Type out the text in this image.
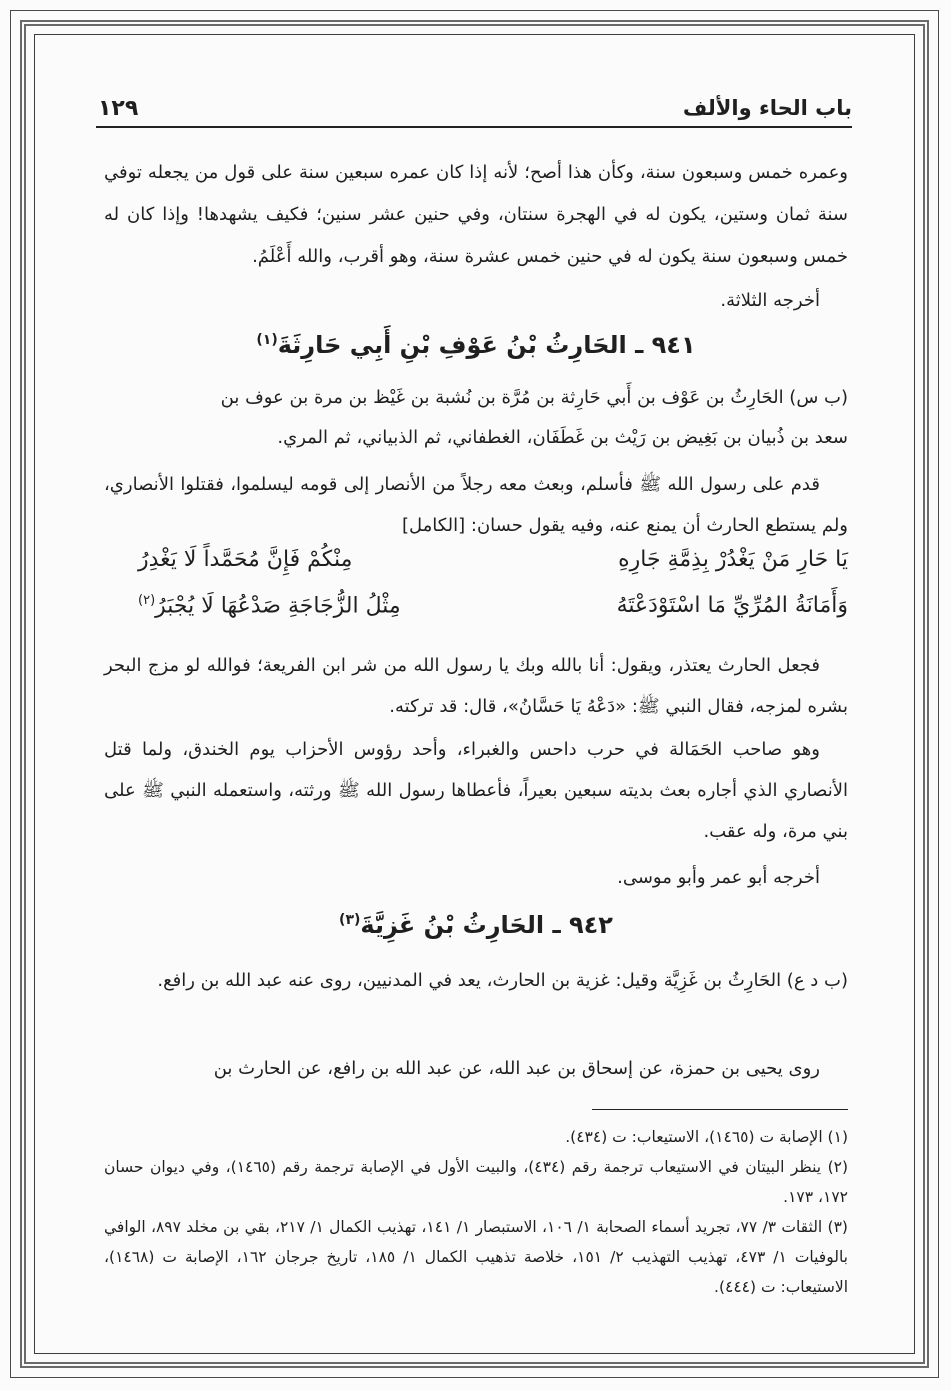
باب الحاء والألف
١٢٩
وعمره خمس وسبعون سنة، وكأن هذا أصح؛ لأنه إذا كان عمره سبعين سنة على قول من يجعله توفي سنة ثمان وستين، يكون له في الهجرة سنتان، وفي حنين عشر سنين؛ فكيف يشهدها! وإذا كان له خمس وسبعون سنة يكون له في حنين خمس عشرة سنة، وهو أقرب، والله أَعْلَمُ.
أخرجه الثلاثة.
٩٤١ ـ الحَارِثُ بْنُ عَوْفِ بْنِ أَبِي حَارِثَةَ$^{(١)}$
(ب س) الحَارِثُ بن عَوْف بن أَبي حَارِثة بن مُرَّة بن نُشبة بن غَيْظ بن مرة بن عوف بن
سعد بن ذُبيان بن بَغِيض بن رَيْث بن غَطَفَان، الغطفاني، ثم الذبياني، ثم المري.
قدم على رسول الله ﷺ فأسلم، وبعث معه رجلاً من الأنصار إلى قومه ليسلموا، فقتلوا الأنصاري، ولم يستطع الحارث أن يمنع عنه، وفيه يقول حسان: [الكامل]
يَا حَارِ مَنْ يَغْدُرْ بِذِمَّةِ جَارِهِ
مِنْكُمْ فَإِنَّ مُحَمَّداً لَا يَغْدِرُ
وَأَمَانَةُ المُرِّيِّ مَا اسْتَوْدَعْتَهُ
مِثْلُ الزُّجَاجَةِ صَدْعُهَا لَا يُجْبَرُ$^{(٢)}$
فجعل الحارث يعتذر، ويقول: أنا بالله وبك يا رسول الله من شر ابن الفريعة؛ فوالله لو مزج البحر بشره لمزجه، فقال النبي ﷺ: «دَعْهُ يَا حَسَّانُ»، قال: قد تركته.
وهو صاحب الحَمَالة في حرب داحس والغبراء، وأحد رؤوس الأحزاب يوم الخندق، ولما قتل الأنصاري الذي أجاره بعث بديته سبعين بعيراً، فأعطاها رسول الله ﷺ ورثته، واستعمله النبي ﷺ على بني مرة، وله عقب.
أخرجه أبو عمر وأبو موسى.
٩٤٢ ـ الحَارِثُ بْنُ غَزِيَّةَ$^{(٣)}$
(ب د ع) الحَارِثُ بن غَزِيَّة وقيل: غزية بن الحارث، يعد في المدنيين، روى عنه عبد الله بن رافع.
روى يحيى بن حمزة، عن إسحاق بن عبد الله، عن عبد الله بن رافع، عن الحارث بن
(١) الإصابة ت (١٤٦٥)، الاستيعاب: ت (٤٣٤).
(٢) ينظر البيتان في الاستيعاب ترجمة رقم (٤٣٤)، والبيت الأول في الإصابة ترجمة رقم (١٤٦٥)، وفي ديوان حسان ١٧٢، ١٧٣.
(٣) الثقات ٣/ ٧٧، تجريد أسماء الصحابة ١/ ١٠٦، الاستبصار ١/ ١٤١، تهذيب الكمال ١/ ٢١٧، بقي بن مخلد ٨٩٧، الوافي بالوفيات ١/ ٤٧٣، تهذيب التهذيب ٢/ ١٥١، خلاصة تذهيب الكمال ١/ ١٨٥، تاريخ جرجان ١٦٢، الإصابة ت (١٤٦٨)، الاستيعاب: ت (٤٤٤).
